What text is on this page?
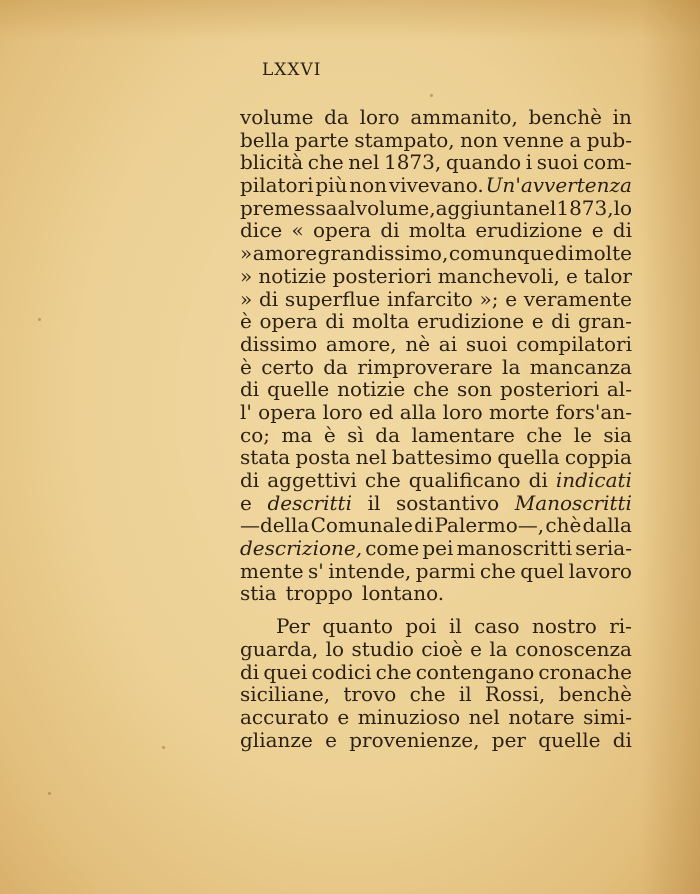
LXXVI
volume da loro ammanito, benchè in
bella parte stampato, non venne a pub-
blicità che nel 1873, quando i suoi com-
pilatori più non vivevano. Un'avvertenza
premessa al volume, aggiunta nel 1873, lo
dice « opera di molta erudizione e di
» amore grandissimo, comunque di molte
» notizie posteriori manchevoli, e talor
» di superflue infarcito »; e veramente
è opera di molta erudizione e di gran-
dissimo amore, nè ai suoi compilatori
è certo da rimproverare la mancanza
di quelle notizie che son posteriori al-
l' opera loro ed alla loro morte fors'an-
co; ma è sì da lamentare che le sia
stata posta nel battesimo quella coppia
di aggettivi che qualificano di indicati
e descritti il sostantivo Manoscritti
—della Comunale di Palermo—, chè dalla
descrizione, come pei manoscritti seria-
mente s' intende, parmi che quel lavoro
stia troppo lontano.
Per quanto poi il caso nostro ri-
guarda, lo studio cioè e la conoscenza
di quei codici che contengano cronache
siciliane, trovo che il Rossi, benchè
accurato e minuzioso nel notare simi-
glianze e provenienze, per quelle di
